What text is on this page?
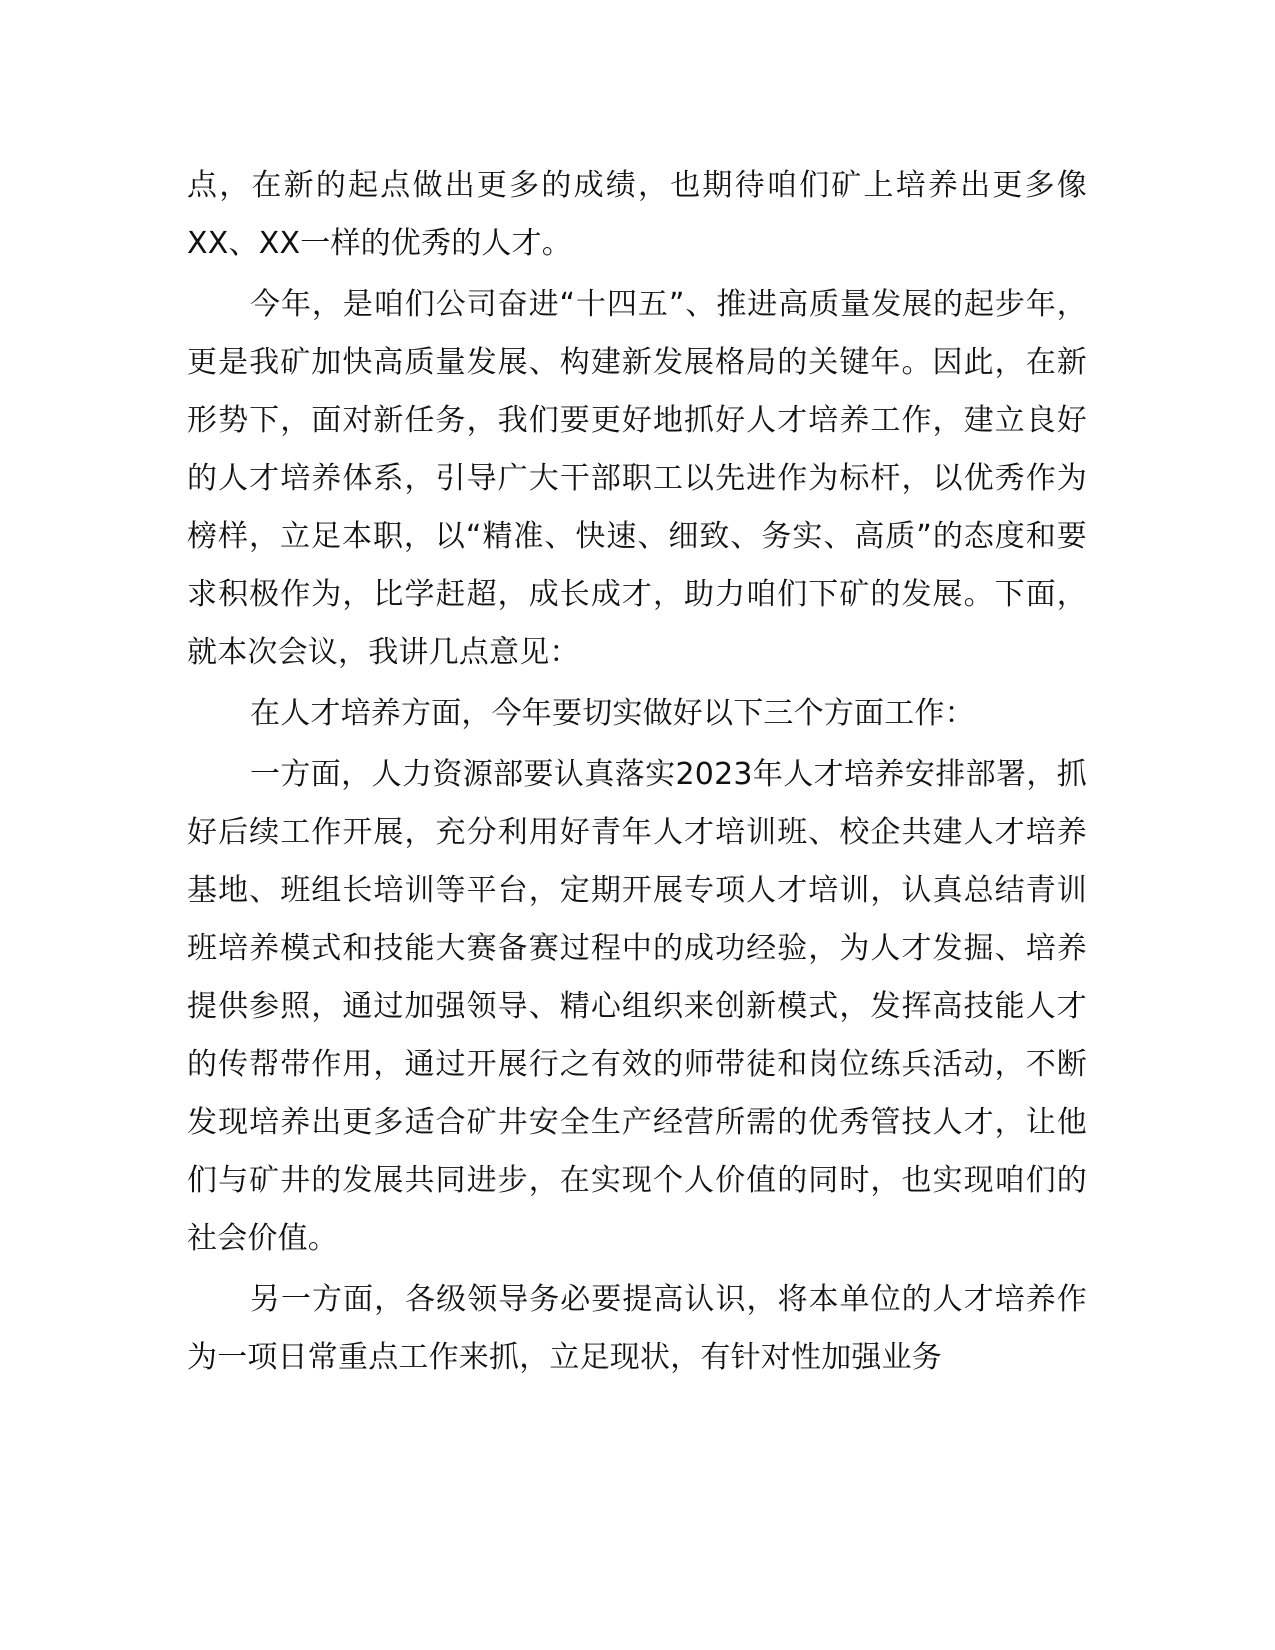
点，在新的起点做出更多的成绩，也期待咱们矿上培养出更多像XX、XX一样的优秀的人才。

今年，是咱们公司奋进“十四五”、推进高质量发展的起步年，更是我矿加快高质量发展、构建新发展格局的关键年。因此，在新形势下，面对新任务，我们要更好地抓好人才培养工作，建立良好的人才培养体系，引导广大干部职工以先进作为标杆，以优秀作为榜样，立足本职，以“精准、快速、细致、务实、高质”的态度和要求积极作为，比学赶超，成长成才，助力咱们下矿的发展。下面，就本次会议，我讲几点意见：

在人才培养方面，今年要切实做好以下三个方面工作：

一方面，人力资源部要认真落实2023年人才培养安排部署，抓好后续工作开展，充分利用好青年人才培训班、校企共建人才培养基地、班组长培训等平台，定期开展专项人才培训，认真总结青训班培养模式和技能大赛备赛过程中的成功经验，为人才发掘、培养提供参照，通过加强领导、精心组织来创新模式，发挥高技能人才的传帮带作用，通过开展行之有效的师带徒和岗位练兵活动，不断发现培养出更多适合矿井安全生产经营所需的优秀管技人才，让他们与矿井的发展共同进步，在实现个人价值的同时，也实现咱们的社会价值。

另一方面，各级领导务必要提高认识，将本单位的人才培养作为一项日常重点工作来抓，立足现状，有针对性加强业务
